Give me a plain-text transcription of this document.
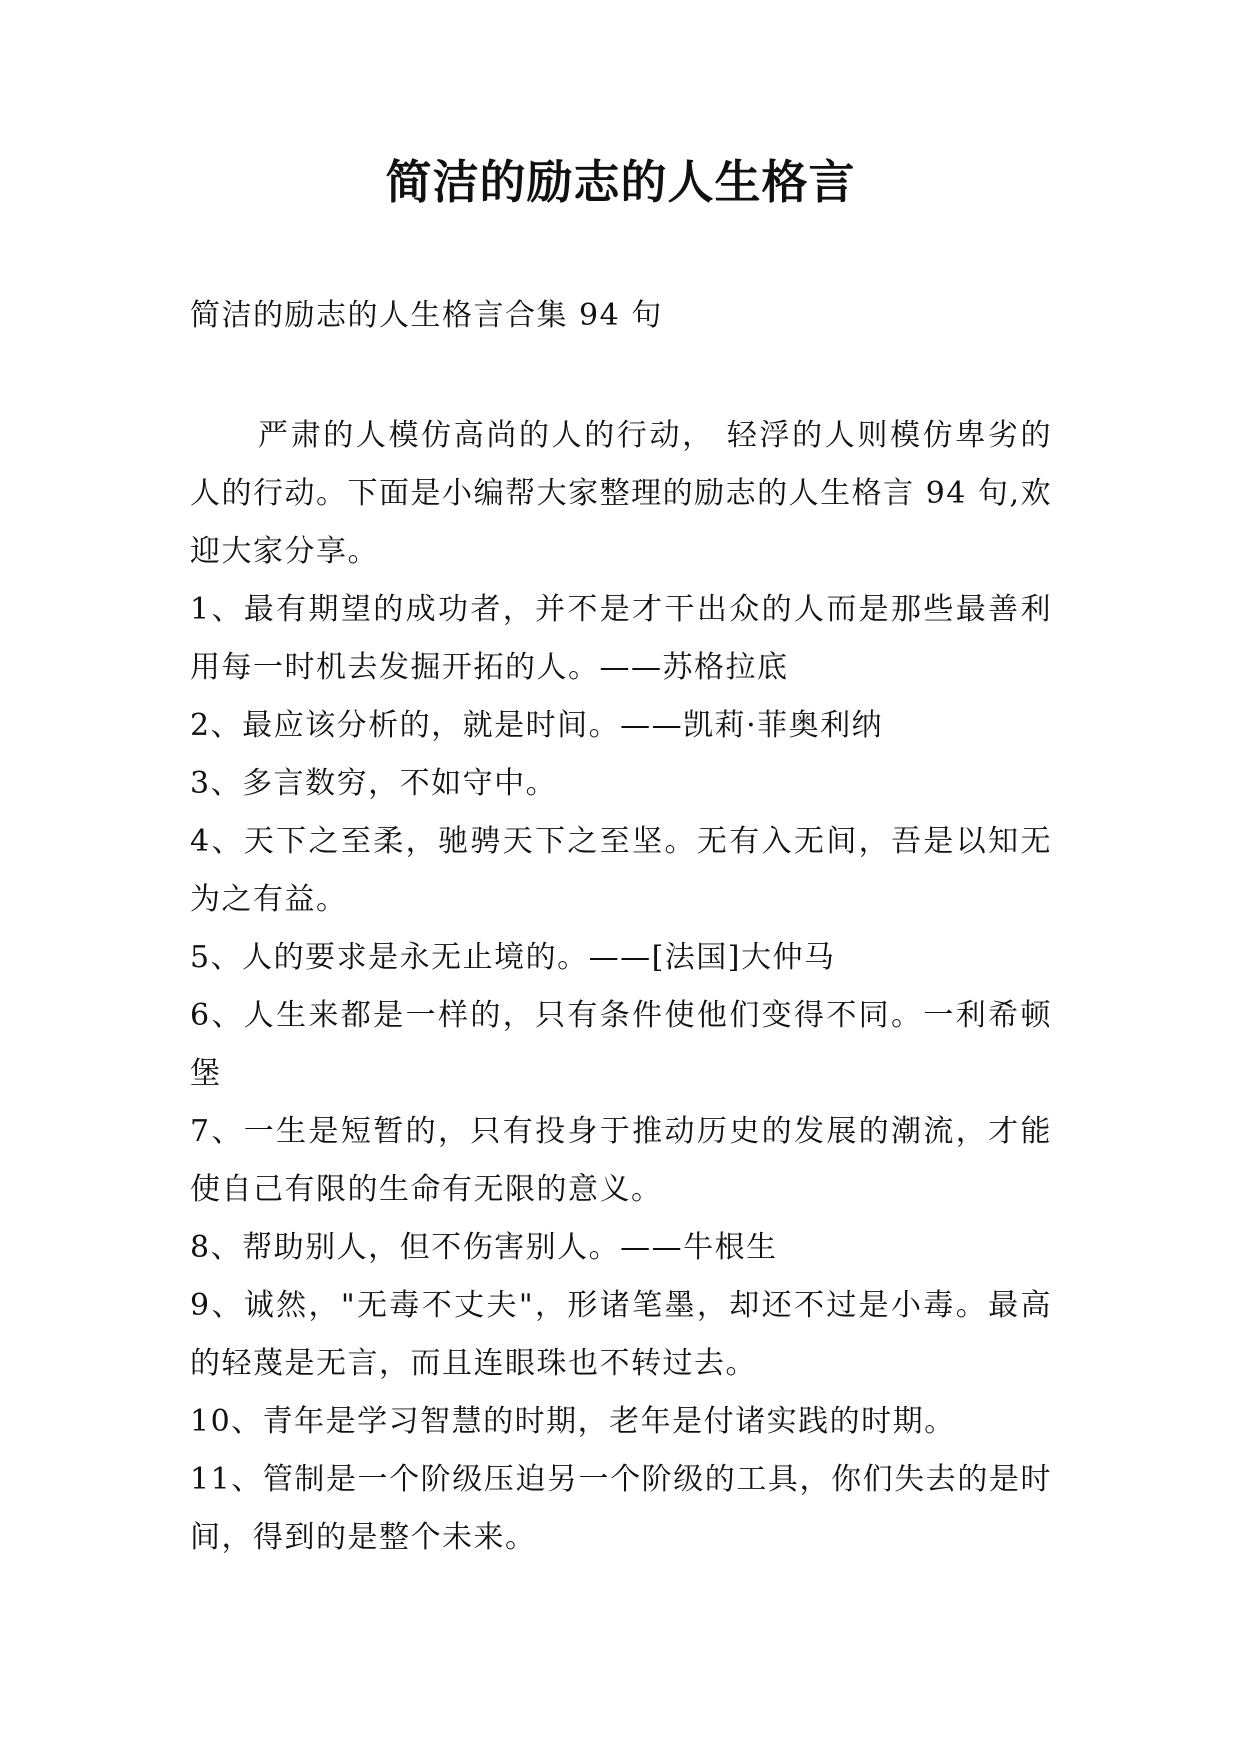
简洁的励志的人生格言
简洁的励志的人生格言合集 94 句

严肃的人模仿高尚的人的行动， 轻浮的人则模仿卑劣的人的行动。下面是小编帮大家整理的励志的人生格言 94 句,欢迎大家分享。

1、最有期望的成功者，并不是才干出众的人而是那些最善利用每一时机去发掘开拓的人。——苏格拉底

2、最应该分析的，就是时间。——凯莉·菲奥利纳

3、多言数穷，不如守中。

4、天下之至柔，驰骋天下之至坚。无有入无间，吾是以知无为之有益。

5、人的要求是永无止境的。——[法国]大仲马

6、人生来都是一样的，只有条件使他们变得不同。一利希顿堡

7、一生是短暂的，只有投身于推动历史的发展的潮流，才能使自己有限的生命有无限的意义。

8、帮助别人，但不伤害别人。——牛根生

9、诚然，"无毒不丈夫"，形诸笔墨，却还不过是小毒。最高的轻蔑是无言，而且连眼珠也不转过去。

10、青年是学习智慧的时期，老年是付诸实践的时期。

11、管制是一个阶级压迫另一个阶级的工具，你们失去的是时间，得到的是整个未来。
